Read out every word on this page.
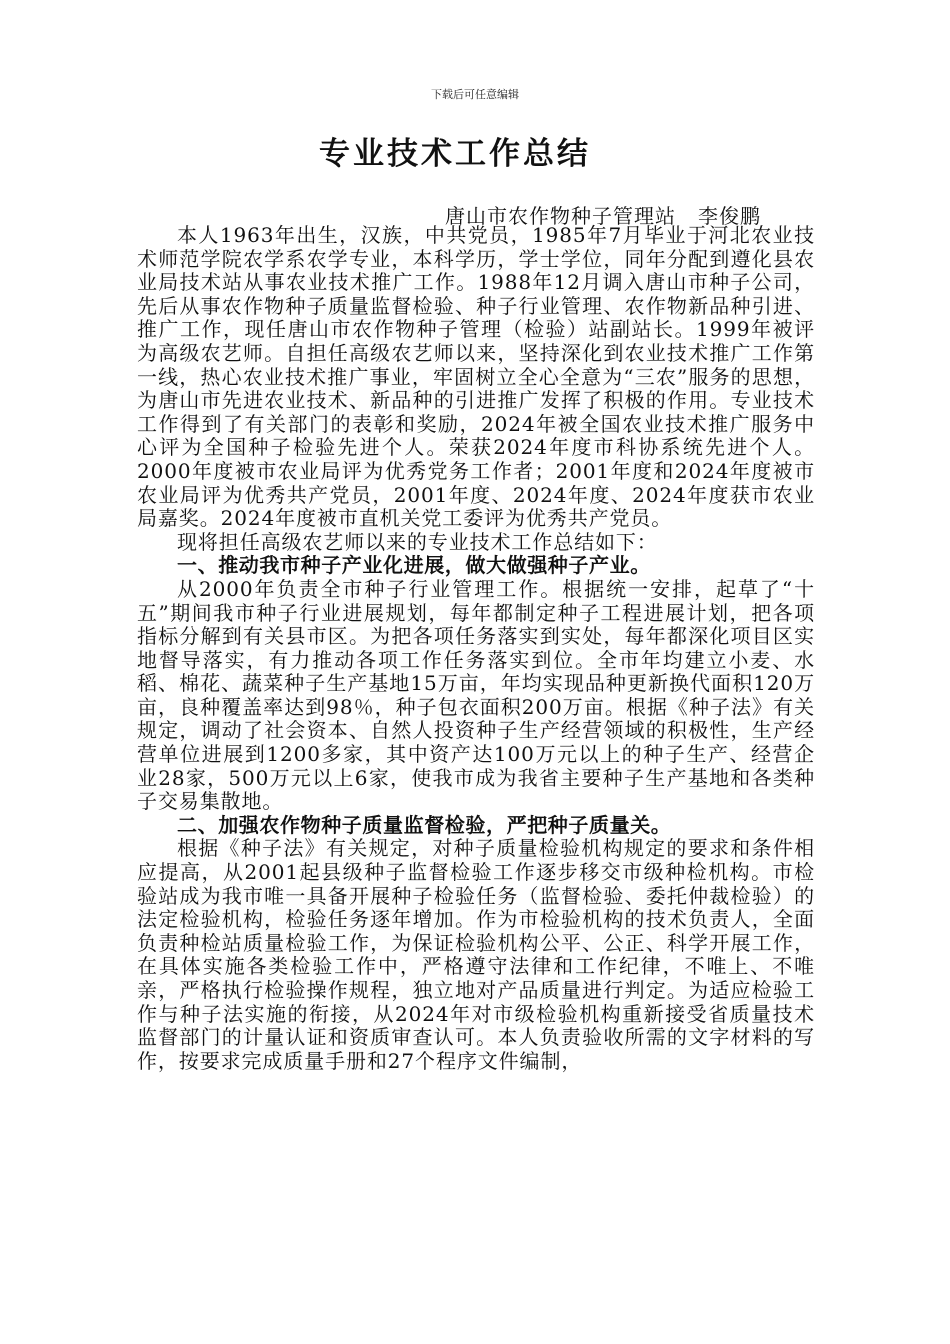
下载后可任意编辑
专业技术工作总结
唐山市农作物种子管理站 李俊鹏

本人1963年出生，汉族，中共党员，1985年7月毕业于河北农业技术师范学院农学系农学专业，本科学历，学士学位，同年分配到遵化县农业局技术站从事农业技术推广工作。1988年12月调入唐山市种子公司，先后从事农作物种子质量监督检验、种子行业管理、农作物新品种引进、推广工作，现任唐山市农作物种子管理（检验）站副站长。1999年被评为高级农艺师。自担任高级农艺师以来，坚持深化到农业技术推广工作第一线，热心农业技术推广事业，牢固树立全心全意为“三农”服务的思想，为唐山市先进农业技术、新品种的引进推广发挥了积极的作用。专业技术工作得到了有关部门的表彰和奖励，2024年被全国农业技术推广服务中心评为全国种子检验先进个人。荣获2024年度市科协系统先进个人。2000年度被市农业局评为优秀党务工作者；2001年度和2024年度被市农业局评为优秀共产党员，2001年度、2024年度、2024年度获市农业局嘉奖。2024年度被市直机关党工委评为优秀共产党员。

现将担任高级农艺师以来的专业技术工作总结如下：

一、推动我市种子产业化进展，做大做强种子产业。

从2000年负责全市种子行业管理工作。根据统一安排，起草了“十五”期间我市种子行业进展规划，每年都制定种子工程进展计划，把各项指标分解到有关县市区。为把各项任务落实到实处，每年都深化项目区实地督导落实，有力推动各项工作任务落实到位。全市年均建立小麦、水稻、棉花、蔬菜种子生产基地15万亩，年均实现品种更新换代面积120万亩，良种覆盖率达到98％，种子包衣面积200万亩。根据《种子法》有关规定，调动了社会资本、自然人投资种子生产经营领域的积极性，生产经营单位进展到1200多家，其中资产达100万元以上的种子生产、经营企业28家，500万元以上6家，使我市成为我省主要种子生产基地和各类种子交易集散地。

二、加强农作物种子质量监督检验，严把种子质量关。

根据《种子法》有关规定，对种子质量检验机构规定的要求和条件相应提高，从2001起县级种子监督检验工作逐步移交市级种检机构。市检验站成为我市唯一具备开展种子检验任务（监督检验、委托仲裁检验）的法定检验机构，检验任务逐年增加。作为市检验机构的技术负责人，全面负责种检站质量检验工作，为保证检验机构公平、公正、科学开展工作，在具体实施各类检验工作中，严格遵守法律和工作纪律，不唯上、不唯亲，严格执行检验操作规程，独立地对产品质量进行判定。为适应检验工作与种子法实施的衔接，从2024年对市级检验机构重新接受省质量技术监督部门的计量认证和资质审查认可。本人负责验收所需的文字材料的写作，按要求完成质量手册和27个程序文件编制，
